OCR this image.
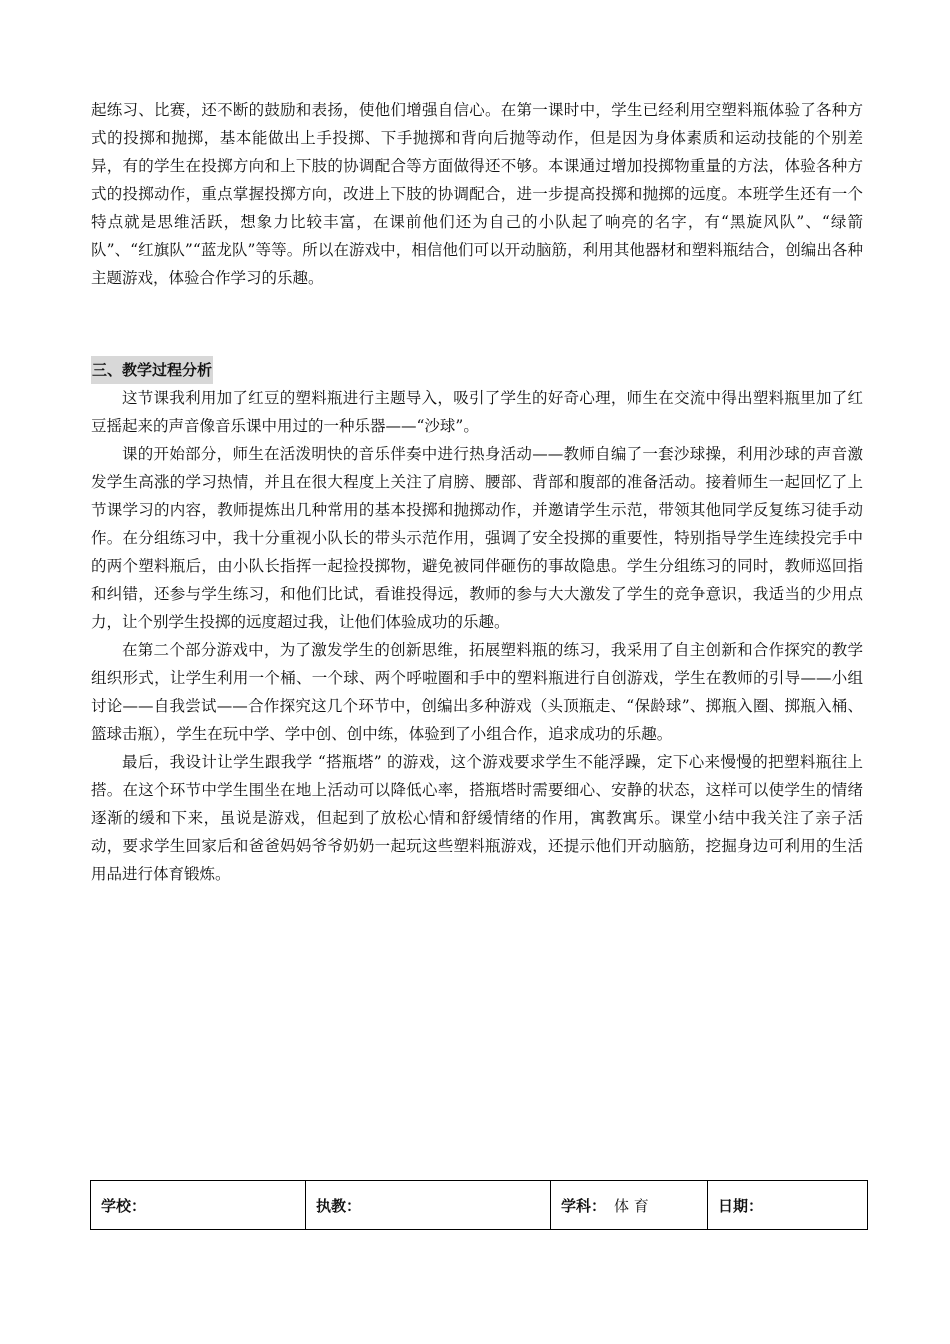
起练习、比赛，还不断的鼓励和表扬，使他们增强自信心。在第一课时中，学生已经利用空塑料瓶体验了各种方式的投掷和抛掷，基本能做出上手投掷、下手抛掷和背向后抛等动作，但是因为身体素质和运动技能的个别差异，有的学生在投掷方向和上下肢的协调配合等方面做得还不够。本课通过增加投掷物重量的方法，体验各种方式的投掷动作，重点掌握投掷方向，改进上下肢的协调配合，进一步提高投掷和抛掷的远度。本班学生还有一个特点就是思维活跃，想象力比较丰富，在课前他们还为自己的小队起了响亮的名字，有“黑旋风队”、“绿箭队”、“红旗队”“蓝龙队”等等。所以在游戏中，相信他们可以开动脑筋，利用其他器材和塑料瓶结合，创编出各种主题游戏，体验合作学习的乐趣。

三、教学过程分析

这节课我利用加了红豆的塑料瓶进行主题导入，吸引了学生的好奇心理，师生在交流中得出塑料瓶里加了红豆摇起来的声音像音乐课中用过的一种乐器——“沙球”。

课的开始部分，师生在活泼明快的音乐伴奏中进行热身活动——教师自编了一套沙球操，利用沙球的声音激发学生高涨的学习热情，并且在很大程度上关注了肩膀、腰部、背部和腹部的准备活动。接着师生一起回忆了上节课学习的内容，教师提炼出几种常用的基本投掷和抛掷动作，并邀请学生示范，带领其他同学反复练习徒手动作。在分组练习中，我十分重视小队长的带头示范作用，强调了安全投掷的重要性，特别指导学生连续投完手中的两个塑料瓶后，由小队长指挥一起捡投掷物，避免被同伴砸伤的事故隐患。学生分组练习的同时，教师巡回指和纠错，还参与学生练习，和他们比试，看谁投得远，教师的参与大大激发了学生的竞争意识，我适当的少用点力，让个别学生投掷的远度超过我，让他们体验成功的乐趣。

在第二个部分游戏中，为了激发学生的创新思维，拓展塑料瓶的练习，我采用了自主创新和合作探究的教学组织形式，让学生利用一个桶、一个球、两个呼啦圈和手中的塑料瓶进行自创游戏，学生在教师的引导——小组讨论——自我尝试——合作探究这几个环节中，创编出多种游戏（头顶瓶走、“保龄球”、掷瓶入圈、掷瓶入桶、篮球击瓶），学生在玩中学、学中创、创中练，体验到了小组合作，追求成功的乐趣。

最后，我设计让学生跟我学 “搭瓶塔” 的游戏，这个游戏要求学生不能浮躁，定下心来慢慢的把塑料瓶往上搭。在这个环节中学生围坐在地上活动可以降低心率，搭瓶塔时需要细心、安静的状态，这样可以使学生的情绪逐渐的缓和下来，虽说是游戏，但起到了放松心情和舒缓情绪的作用，寓教寓乐。课堂小结中我关注了亲子活动，要求学生回家后和爸爸妈妈爷爷奶奶一起玩这些塑料瓶游戏，还提示他们开动脑筋，挖掘身边可利用的生活用品进行体育锻炼。

学校：	执教：	学科： 体 育	日期：
